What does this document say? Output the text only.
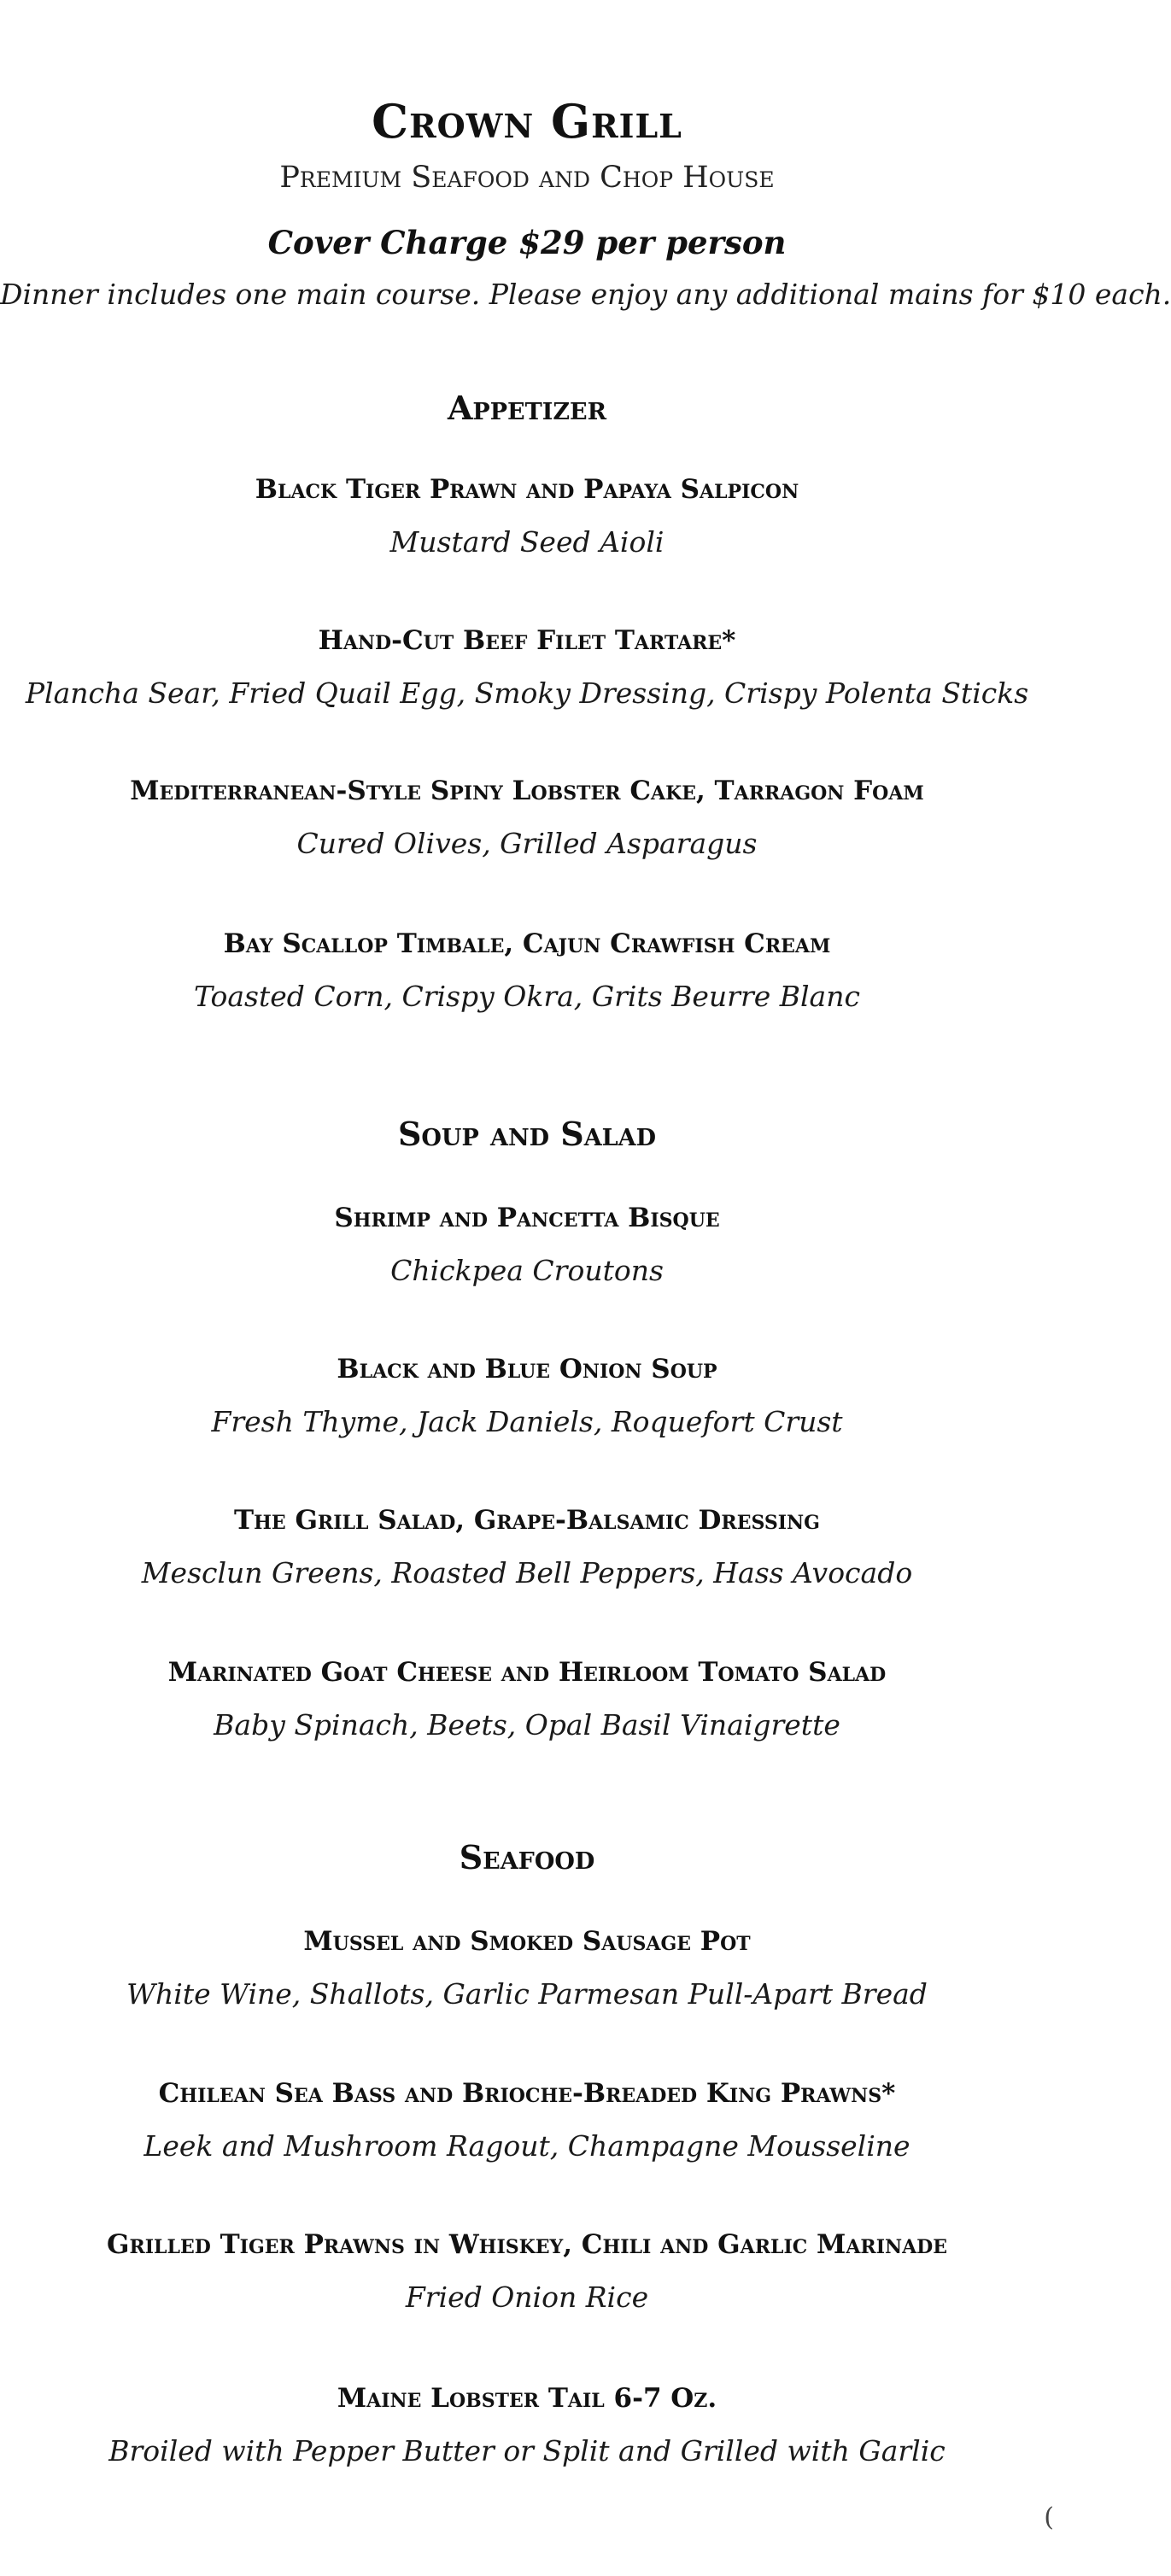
Crown Grill
Premium Seafood and Chop House
Cover Charge $29 per person
Dinner includes one main course. Please enjoy any additional mains for $10 each.
Appetizer
Black Tiger Prawn and Papaya Salpicon
Mustard Seed Aioli
Hand-Cut Beef Filet Tartare*
Plancha Sear, Fried Quail Egg, Smoky Dressing, Crispy Polenta Sticks
Mediterranean-Style Spiny Lobster Cake, Tarragon Foam
Cured Olives, Grilled Asparagus
Bay Scallop Timbale, Cajun Crawfish Cream
Toasted Corn, Crispy Okra, Grits Beurre Blanc
Soup and Salad
Shrimp and Pancetta Bisque
Chickpea Croutons
Black and Blue Onion Soup
Fresh Thyme, Jack Daniels, Roquefort Crust
The Grill Salad, Grape-Balsamic Dressing
Mesclun Greens, Roasted Bell Peppers, Hass Avocado
Marinated Goat Cheese and Heirloom Tomato Salad
Baby Spinach, Beets, Opal Basil Vinaigrette
Seafood
Mussel and Smoked Sausage Pot
White Wine, Shallots, Garlic Parmesan Pull-Apart Bread
Chilean Sea Bass and Brioche-Breaded King Prawns*
Leek and Mushroom Ragout, Champagne Mousseline
Grilled Tiger Prawns in Whiskey, Chili and Garlic Marinade
Fried Onion Rice
Maine Lobster Tail 6-7 Oz.
Broiled with Pepper Butter or Split and Grilled with Garlic
(
